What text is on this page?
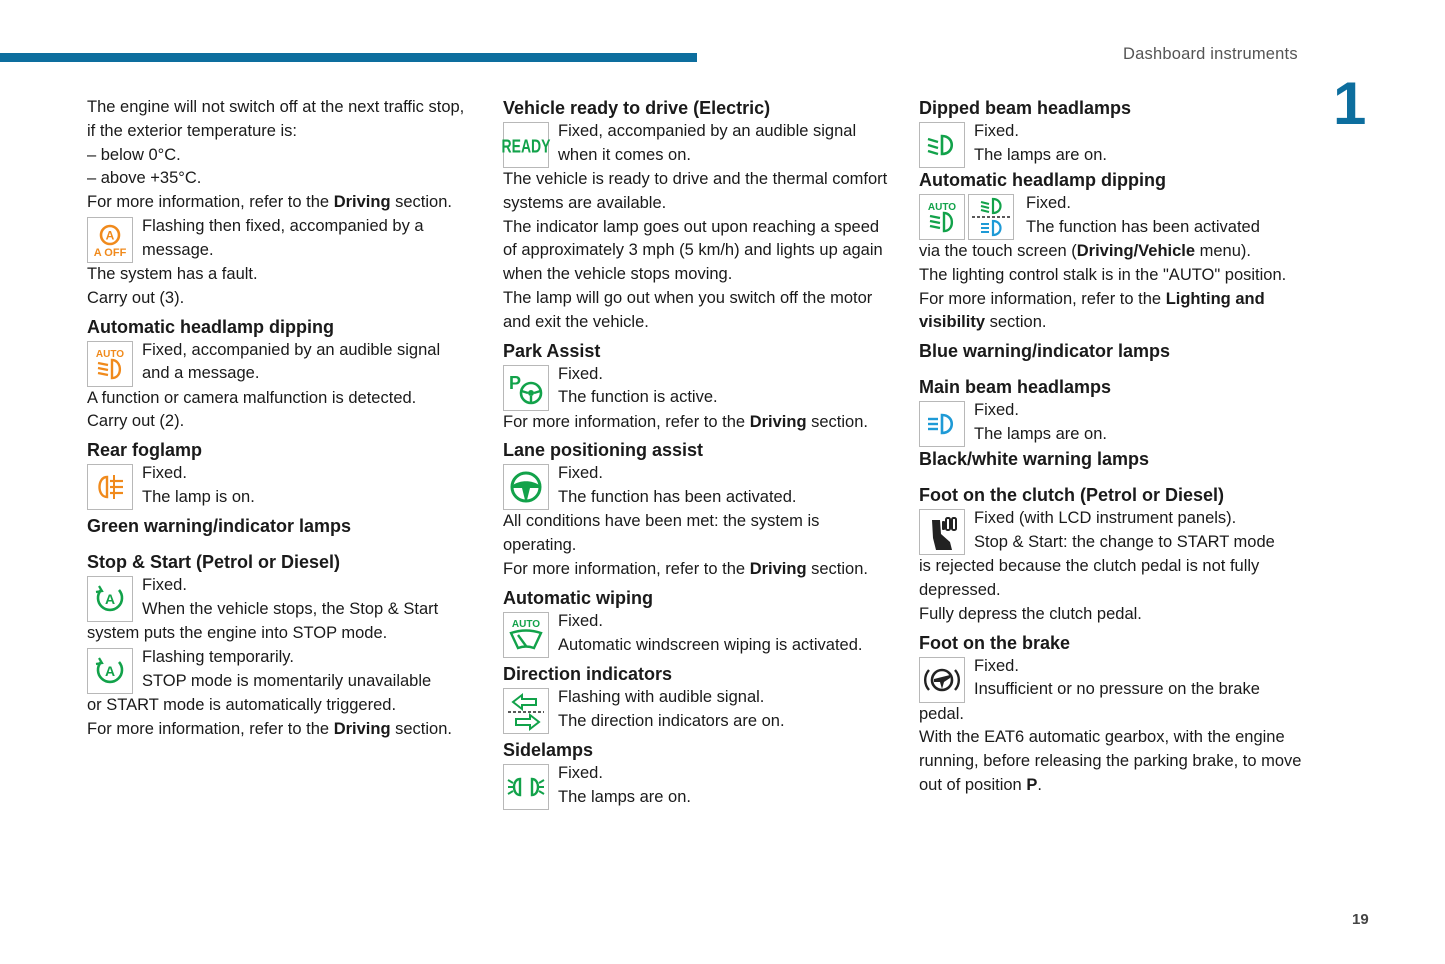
Dashboard instruments
1
19

The engine will not switch off at the next traffic stop, if the exterior temperature is:

– below 0°C.

– above +35°C.

For more information, refer to the Driving section.

A
A OFF

Flashing then fixed, accompanied by a

message.

The system has a fault.

Carry out (3).

Automatic headlamp dipping

AUTO Fixed, accompanied by an audible signal

and a message.

A function or camera malfunction is detected.

Carry out (2).

Rear foglamp

Fixed.

The lamp is on.

Green warning/indicator lamps

Stop & Start (Petrol or Diesel)

A

Fixed.

When the vehicle stops, the Stop & Start

system puts the engine into STOP mode.

A

Flashing temporarily.

STOP mode is momentarily unavailable

or START mode is automatically triggered.

For more information, refer to the Driving section.

Vehicle ready to drive (Electric)

READY

Fixed, accompanied by an audible signal

when it comes on.

The vehicle is ready to drive and the thermal comfort systems are available.

The indicator lamp goes out upon reaching a speed of approximately 3 mph (5 km/h) and lights up again when the vehicle stops moving.

The lamp will go out when you switch off the motor and exit the vehicle.

Park Assist

P Fixed.

The function is active.

For more information, refer to the Driving section.

Lane positioning assist

Fixed.

The function has been activated.

All conditions have been met: the system is operating.

For more information, refer to the Driving section.

Automatic wiping

AUTO Fixed.

Automatic windscreen wiping is activated.

Direction indicators

Flashing with audible signal.

The direction indicators are on.

Sidelamps

Fixed.

The lamps are on.

Dipped beam headlamps

Fixed.

The lamps are on.

Automatic headlamp dipping

AUTO	Fixed.

The function has been activated

via the touch screen (Driving/Vehicle menu).

The lighting control stalk is in the "AUTO" position.

For more information, refer to the Lighting and visibility section.

Blue warning/indicator lamps

Main beam headlamps

Fixed.

The lamps are on.

Black/white warning lamps

Foot on the clutch (Petrol or Diesel)

Fixed (with LCD instrument panels).

Stop & Start: the change to START mode

is rejected because the clutch pedal is not fully depressed.

Fully depress the clutch pedal.

Foot on the brake

Fixed.

Insufficient or no pressure on the brake

pedal.

With the EAT6 automatic gearbox, with the engine running, before releasing the parking brake, to move out of position P.
